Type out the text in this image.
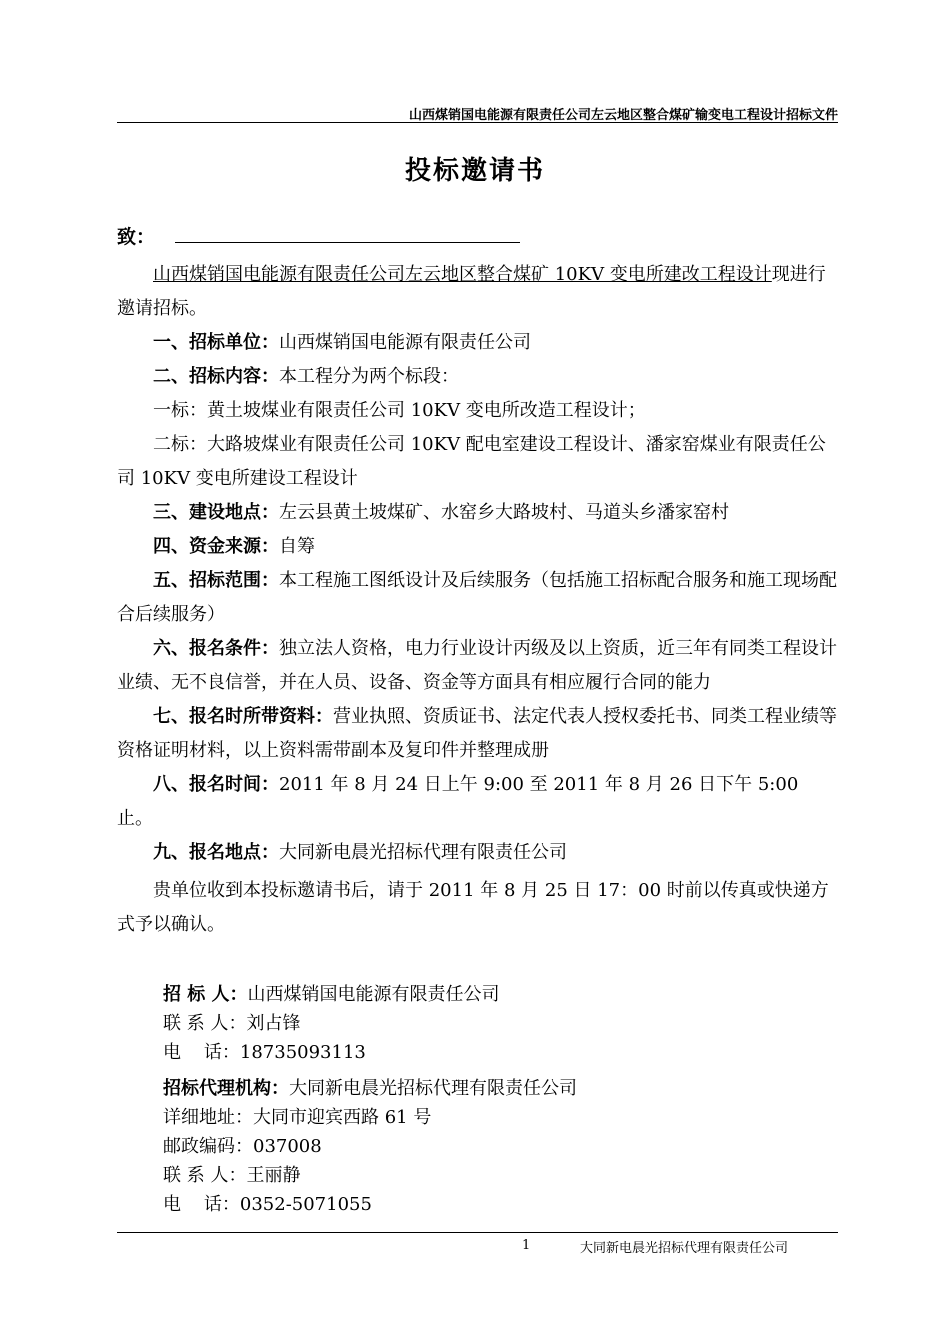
山西煤销国电能源有限责任公司左云地区整合煤矿输变电工程设计招标文件
投标邀请书
致：

山西煤销国电能源有限责任公司左云地区整合煤矿 10KV 变电所建改工程设计现进行邀请招标。

一、招标单位：山西煤销国电能源有限责任公司

二、招标内容：本工程分为两个标段：

一标：黄土坡煤业有限责任公司 10KV 变电所改造工程设计；

二标：大路坡煤业有限责任公司 10KV 配电室建设工程设计、潘家窑煤业有限责任公司 10KV 变电所建设工程设计

三、建设地点：左云县黄土坡煤矿、水窑乡大路坡村、马道头乡潘家窑村

四、资金来源：自筹

五、招标范围：本工程施工图纸设计及后续服务（包括施工招标配合服务和施工现场配合后续服务）

六、报名条件：独立法人资格，电力行业设计丙级及以上资质，近三年有同类工程设计业绩、无不良信誉，并在人员、设备、资金等方面具有相应履行合同的能力

七、报名时所带资料：营业执照、资质证书、法定代表人授权委托书、同类工程业绩等资格证明材料，以上资料需带副本及复印件并整理成册

八、报名时间：2011 年 8 月 24 日上午 9:00 至 2011 年 8 月 26 日下午 5:00 止。

九、报名地点：大同新电晨光招标代理有限责任公司

贵单位收到本投标邀请书后，请于 2011 年 8 月 25 日 17：00 时前以传真或快递方式予以确认。

招 标 人：山西煤销国电能源有限责任公司
联 系 人：刘占锋
电    话：18735093113
招标代理机构：大同新电晨光招标代理有限责任公司
详细地址：大同市迎宾西路 61 号
邮政编码：037008
联 系 人：王丽静
电    话：0352-5071055
1	大同新电晨光招标代理有限责任公司
